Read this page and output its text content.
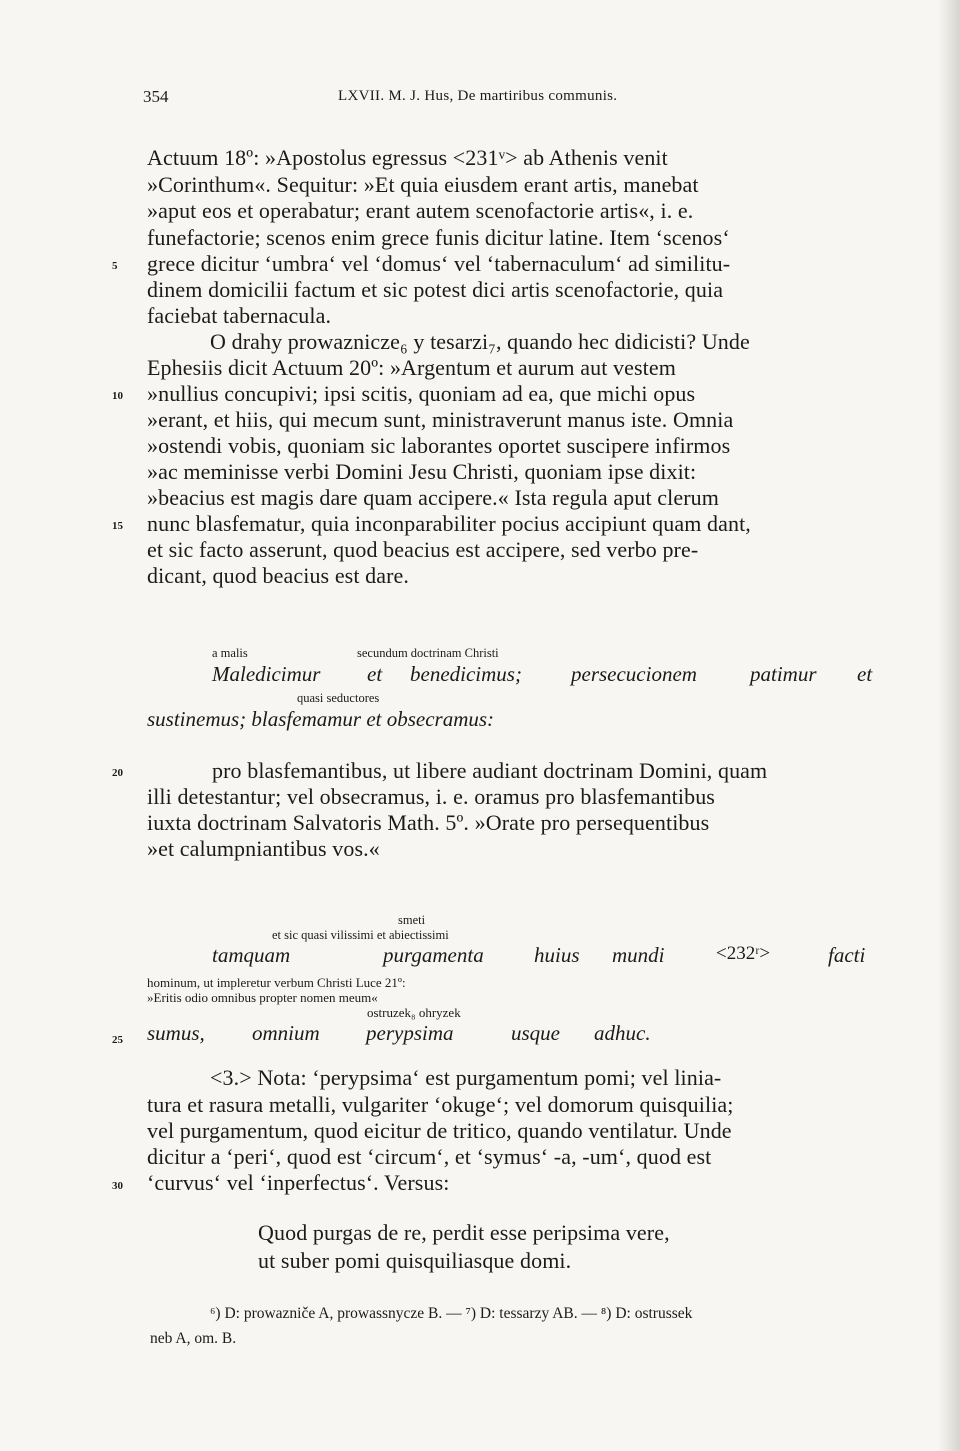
354	LXVII. M. J. Hus, De martiribus communis.
Actuum 18º: »Apostolus egressus <231ᵛ> ab Athenis venit
»Corinthum«. Sequitur: »Et quia eiusdem erant artis, manebat
»aput eos et operabatur; erant autem scenofactorie artis«, i. e.
funefactorie; scenos enim grece funis dicitur latine. Item ‘scenos‘
grece dicitur ‘umbra‘ vel ‘domus‘ vel ‘tabernaculum‘ ad similitu-
dinem domicilii factum et sic potest dici artis scenofactorie, quia
faciebat tabernacula.
O drahy prowaznicze₆ y tesarzi₇, quando hec didicisti? Unde
Ephesiis dicit Actuum 20º: »Argentum et aurum aut vestem
»nullius concupivi; ipsi scitis, quoniam ad ea, que michi opus
»erant, et hiis, qui mecum sunt, ministraverunt manus iste. Omnia
»ostendi vobis, quoniam sic laborantes oportet suscipere infirmos
»ac meminisse verbi Domini Jesu Christi, quoniam ipse dixit:
»beacius est magis dare quam accipere.« Ista regula aput clerum
nunc blasfematur, quia inconparabiliter pocius accipiunt quam dant,
et sic facto asserunt, quod beacius est accipere, sed verbo pre-
dicant, quod beacius est dare.
5
10
15
20
25
30
a malis	secundum doctrinam Christi
Maledicimur et benedicimus; persecucionem	patimur et
quasi seductores
sustinemus; blasfemamur et obsecramus:
pro blasfemantibus, ut libere audiant doctrinam Domini, quam
illi detestantur; vel obsecramus, i. e. oramus pro blasfemantibus
iuxta doctrinam Salvatoris Math. 5º. »Orate pro persequentibus
»et calumpniantibus vos.«
smeti
et sic quasi vilissimi et abiectissimi
tamquam	purgamenta huius mundi	<232ʳ>	facti
hominum, ut impleretur verbum Christi Luce 21º:
»Eritis odio omnibus propter nomen meum«
ostruzek₈ ohryzek
sumus, omnium perypsima	usque adhuc.
<3.> Nota: ‘perypsima‘ est purgamentum pomi; vel linia-
tura et rasura metalli, vulgariter ‘okuge‘; vel domorum quisquilia;
vel purgamentum, quod eicitur de tritico, quando ventilatur. Unde
dicitur a ‘peri‘, quod est ‘circum‘, et ‘symus‘ -a, -um‘, quod est
‘curvus‘ vel ‘inperfectus‘. Versus:
Quod purgas de re, perdit esse peripsima vere,
ut suber pomi quisquiliasque domi.
⁶) D: prowazniče A, prowassnycze B. — ⁷) D: tessarzy AB. — ⁸) D: ostrussek
neb A, om. B.
